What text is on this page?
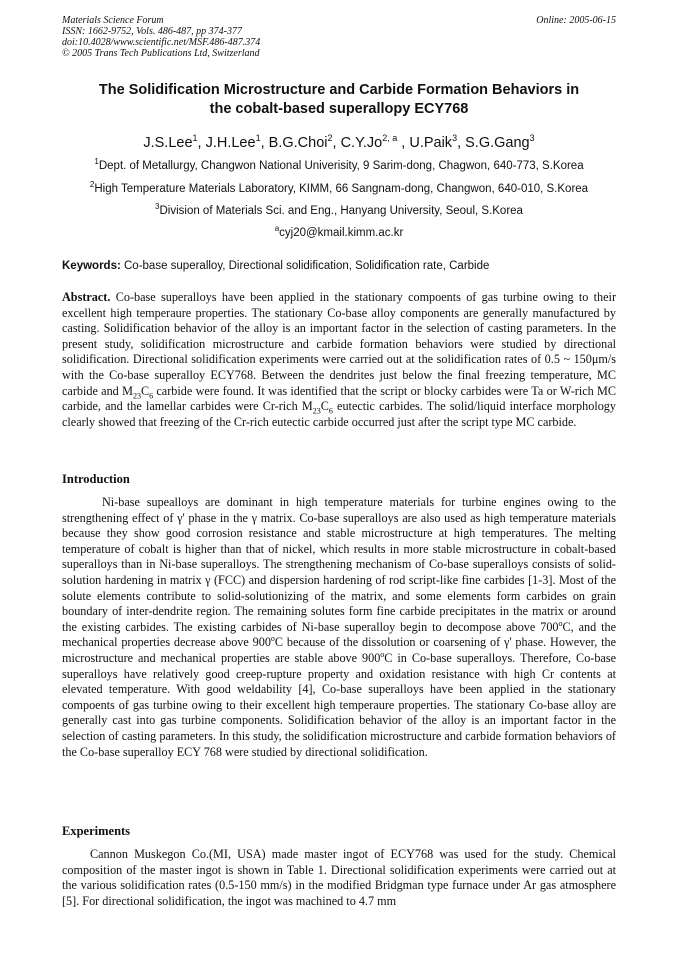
Materials Science Forum
ISSN: 1662-9752, Vols. 486-487, pp 374-377
doi:10.4028/www.scientific.net/MSF.486-487.374
© 2005 Trans Tech Publications Ltd, Switzerland
Online: 2005-06-15
The Solidification Microstructure and Carbide Formation Behaviors in
the cobalt-based superallopy ECY768
J.S.Lee$^1$, J.H.Lee$^1$, B.G.Choi$^2$, C.Y.Jo$^{2, a}$ , U.Paik$^3$, S.G.Gang$^3$
$^1$Dept. of Metallurgy, Changwon National Univerisity, 9 Sarim-dong, Chagwon, 640-773, S.Korea
$^2$High Temperature Materials Laboratory, KIMM, 66 Sangnam-dong, Changwon, 640-010, S.Korea
$^3$Division of Materials Sci. and Eng., Hanyang University, Seoul, S.Korea
$^a$cyj20@kmail.kimm.ac.kr
Keywords: Co-base superalloy, Directional solidification, Solidification rate, Carbide
Abstract. Co-base superalloys have been applied in the stationary compoents of gas turbine owing to their excellent high temperaure properties. The stationary Co-base alloy components are generally manufactured by casting. Solidification behavior of the alloy is an important factor in the selection of casting parameters. In the present study, solidification microstructure and carbide formation behaviors were studied by directional solidification. Directional solidification experiments were carried out at the solidification rates of 0.5 ~ 150μm/s with the Co-base superalloy ECY768. Between the dendrites just below the final freezing temperature, MC carbide and $M_{23}C_6$ carbide were found. It was identified that the script or blocky carbides were Ta or W-rich MC carbide, and the lamellar carbides were Cr-rich $M_{23}C_6$ eutectic carbides. The solid/liquid interface morphology clearly showed that freezing of the Cr-rich eutectic carbide occurred just after the script type MC carbide.
Introduction
Ni-base supealloys are dominant in high temperature materials for turbine engines owing to the strengthening effect of γ' phase in the γ matrix. Co-base superalloys are also used as high temperature materials because they show good corrosion resistance and stable microstructure at high temperatures. The melting temperature of cobalt is higher than that of nickel, which results in more stable microstructure in cobalt-based superalloys than in Ni-base superalloys. The strengthening mechanism of Co-base superalloys consists of solid-solution hardening in matrix γ (FCC) and dispersion hardening of rod script-like fine carbides [1-3]. Most of the solute elements contribute to solid-solutionizing of the matrix, and some elements form carbides on grain boundary of inter-dendrite region. The remaining solutes form fine carbide precipitates in the matrix or around the existing carbides. The existing carbides of Ni-base superalloy begin to decompose above 700$^o$C, and the mechanical properties decrease above 900$^o$C because of the dissolution or coarsening of γ' phase. However, the microstructure and mechanical properties are stable above 900$^o$C in Co-base superalloys. Therefore, Co-base superalloys have relatively good creep-rupture property and oxidation resistance with high Cr contents at elevated temperature. With good weldability [4], Co-base superalloys have been applied in the stationary compoents of gas turbine owing to their excellent high temperaure properties. The stationary Co-base alloy are generally cast into gas turbine components. Solidification behavior of the alloy is an important factor in the selection of casting parameters. In this study, the solidification microstructure and carbide formation behaviors of the Co-base superalloy ECY 768 were studied by directional solidification.
Experiments
Cannon Muskegon Co.(MI, USA) made master ingot of ECY768 was used for the study. Chemical composition of the master ingot is shown in Table 1. Directional solidification experiments were carried out at the various solidification rates (0.5-150 mm/s) in the modified Bridgman type furnace under Ar gas atmosphere [5]. For directional solidification, the ingot was machined to 4.7 mm
